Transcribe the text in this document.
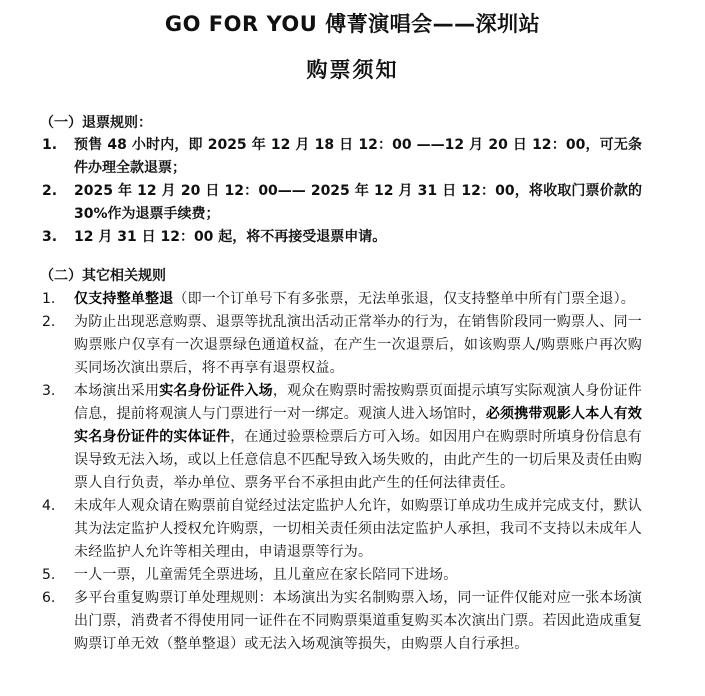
GO FOR YOU 傅菁演唱会——深圳站
购票须知
（一）退票规则：
1.	预售 48 小时内，即 2025 年 12 月 18 日 12：00 ——12 月 20 日 12：00，可无条件办理全款退票；
2.	2025 年 12 月 20 日 12：00—— 2025 年 12 月 31 日 12：00，将收取门票价款的 30%作为退票手续费；
3.	12 月 31 日 12：00 起，将不再接受退票申请。
（二）其它相关规则
1.	仅支持整单整退（即一个订单号下有多张票，无法单张退，仅支持整单中所有门票全退）。
2.	为防止出现恶意购票、退票等扰乱演出活动正常举办的行为，在销售阶段同一购票人、同一购票账户仅享有一次退票绿色通道权益，在产生一次退票后，如该购票人/购票账户再次购买同场次演出票后，将不再享有退票权益。
3.	本场演出采用实名身份证件入场，观众在购票时需按购票页面提示填写实际观演人身份证件信息，提前将观演人与门票进行一对一绑定。观演人进入场馆时，必须携带观影人本人有效实名身份证件的实体证件，在通过验票检票后方可入场。如因用户在购票时所填身份信息有误导致无法入场，或以上任意信息不匹配导致入场失败的，由此产生的一切后果及责任由购票人自行负责，举办单位、票务平台不承担由此产生的任何法律责任。
4.	未成年人观众请在购票前自觉经过法定监护人允许，如购票订单成功生成并完成支付，默认其为法定监护人授权允许购票，一切相关责任须由法定监护人承担，我司不支持以未成年人未经监护人允许等相关理由，申请退票等行为。
5.	一人一票，儿童需凭全票进场，且儿童应在家长陪同下进场。
6.	多平台重复购票订单处理规则：本场演出为实名制购票入场，同一证件仅能对应一张本场演出门票，消费者不得使用同一证件在不同购票渠道重复购买本次演出门票。若因此造成重复购票订单无效（整单整退）或无法入场观演等损失，由购票人自行承担。
